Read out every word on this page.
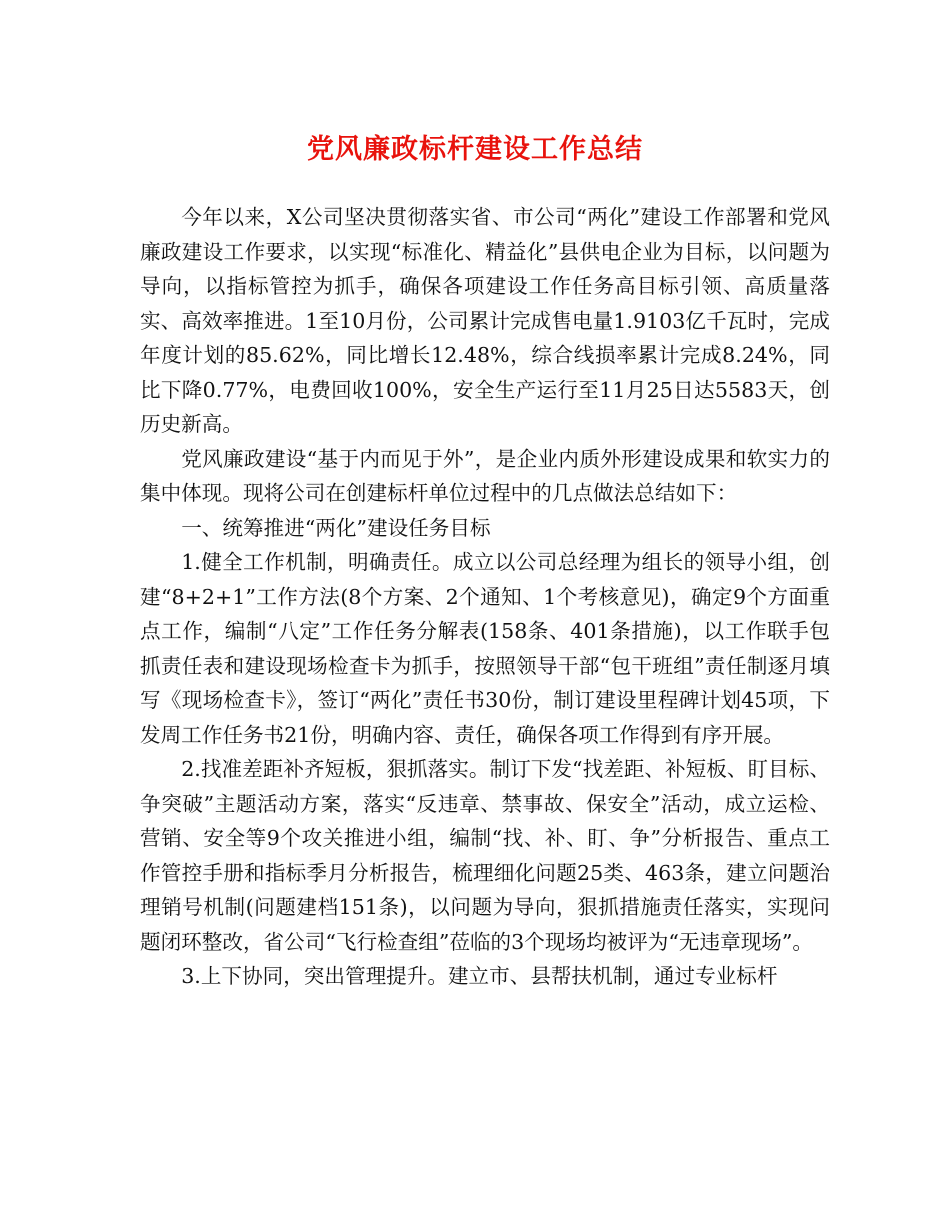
党风廉政标杆建设工作总结

今年以来，X公司坚决贯彻落实省、市公司“两化”建设工作部署和党风廉政建设工作要求，以实现“标准化、精益化”县供电企业为目标，以问题为导向，以指标管控为抓手，确保各项建设工作任务高目标引领、高质量落实、高效率推进。1至10月份，公司累计完成售电量1.9103亿千瓦时，完成年度计划的85.62%，同比增长12.48%，综合线损率累计完成8.24%，同比下降0.77%，电费回收100%，安全生产运行至11月25日达5583天，创历史新高。

党风廉政建设“基于内而见于外”，是企业内质外形建设成果和软实力的集中体现。现将公司在创建标杆单位过程中的几点做法总结如下：

一、统筹推进“两化”建设任务目标

1.健全工作机制，明确责任。成立以公司总经理为组长的领导小组，创建“8+2+1”工作方法(8个方案、2个通知、1个考核意见)，确定9个方面重点工作，编制“八定”工作任务分解表(158条、401条措施)，以工作联手包抓责任表和建设现场检查卡为抓手，按照领导干部“包干班组”责任制逐月填写《现场检查卡》，签订“两化”责任书30份，制订建设里程碑计划45项，下发周工作任务书21份，明确内容、责任，确保各项工作得到有序开展。

2.找准差距补齐短板，狠抓落实。制订下发“找差距、补短板、盯目标、争突破”主题活动方案，落实“反违章、禁事故、保安全”活动，成立运检、营销、安全等9个攻关推进小组，编制“找、补、盯、争”分析报告、重点工作管控手册和指标季月分析报告，梳理细化问题25类、463条，建立问题治理销号机制(问题建档151条)，以问题为导向，狠抓措施责任落实，实现问题闭环整改，省公司“飞行检查组”莅临的3个现场均被评为“无违章现场”。

3.上下协同，突出管理提升。建立市、县帮扶机制，通过专业标杆
